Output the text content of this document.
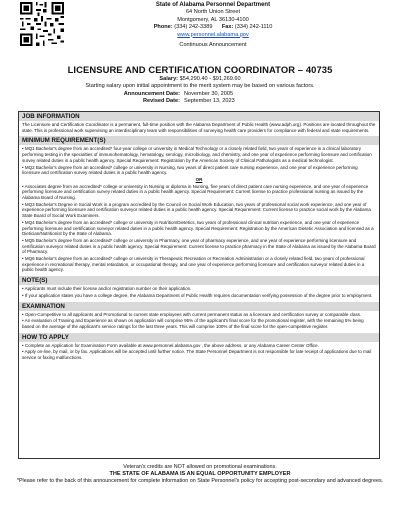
State of Alabama Personnel Department
64 North Union Street
Montgomery, AL 36130-4100
Phone: (334) 242-3389 Fax: (334) 242-1110
www.personnel.alabama.gov
Continuous Announcement
LICENSURE AND CERTIFICATION COORDINATOR – 40735
Salary: $54,290.40 - $91,269.60
Starting salary upon initial appointment to the merit system may be based on various factors.
Announcement Date: November 30, 2005
Revised Date: September 13, 2023
JOB INFORMATION

The Licensure and Certification Coordinator is a permanent, full-time position with the Alabama Department of Public Health (www.adph.org). Positions are located throughout the state. This is professional work supervising an interdisciplinary team with responsibilities of surveying health care providers for compliance with federal and state requirements.

MINIMUM REQUIREMENT(S)

• MQ1 Bachelor's degree from an accredited* four-year college or university in Medical Technology or a closely related field, two years of experience in a clinical laboratory performing testing in the specialties of immunohematology, hematology, serology, microbiology, and chemistry, and one year of experience performing licensure and certification survey related duties in a public health agency. Special Requirement: Registration by the American Society of Clinical Pathologists as a medical technologist.

• MQ2 Bachelor's degree from an accredited* college or university in Nursing, two years of direct patient care nursing experience, and one year of experience performing licensure and certification survey related duties in a public health agency.

OR

• Associates degree from an accredited* college or university in Nursing or diploma in Nursing, five years of direct patient care nursing experience, and one year of experience performing licensure and certification survey related duties in a public health agency. Special Requirement: Current license to practice professional nursing as issued by the Alabama Board of Nursing.

• MQ3 Bachelor's Degree in Social Work in a program accredited by the Council on Social Work Education, two years of professional social work experience, and one year of experience performing licensure and certification surveyor related duties in a public health agency. Special Requirement: Current license to practice social work by the Alabama State Board of Social Work Examiners.

• MQ4 Bachelor's degree from an accredited* college or university in Nutrition/Dietetics, two years of professional clinical nutrition experience, and one year of experience performing licensure and certification surveyor related duties in a public health agency. Special Requirement: Registration by the American Dietetic Association and licensed as a Dietician/Nutritionist by the State of Alabama.

• MQ5 Bachelor's degree from an accredited* college or university in Pharmacy, one year of pharmacy experience, and one year of experience performing licensure and certification surveyor related duties in a public health agency. Special Requirement: Current license to practice pharmacy in the State of Alabama as issued by the Alabama Board of Pharmacy.

• MQ6 Bachelor's degree from an accredited* college or university in Therapeutic Recreation or Recreation Administration or a closely related field, two years of professional experience in recreational therapy, mental retardation, or occupational therapy, and one year of experience performing licensure and certification surveyor related duties in a public health agency.

NOTE(S)

• Applicants must include their license and/or registration number on their application.

• If your application states you have a college degree, the Alabama Department of Public Health requires documentation verifying possession of the degree prior to employment.

EXAMINATION

• Open-Competitive to all applicants and Promotional to current state employees with current permanent status as a licensure and certification survey or comparable class.

• An evaluation of Training and Experience as shown on application will comprise 95% of the applicant's final score for the promotional register, with the remaining 5% being based on the average of the applicant's service ratings for the last three years. This will comprise 100% of the final score for the open-competitive register.

HOW TO APPLY

• Complete an Application for Examination Form available at www.personnel.alabama.gov , the above address, or any Alabama Career Center Office.

• Apply on-line, by mail, or by fax. Applications will be accepted until further notice. The State Personnel Department is not responsible for late receipt of applications due to mail service or faxing malfunctions.

Veteran's credits are NOT allowed on promotional examinations.
THE STATE OF ALABAMA IS AN EQUAL OPPORTUNITY EMPLOYER
*Please refer to the back of this announcement for complete information on State Personnel's policy for accepting post-secondary and advanced degrees.
